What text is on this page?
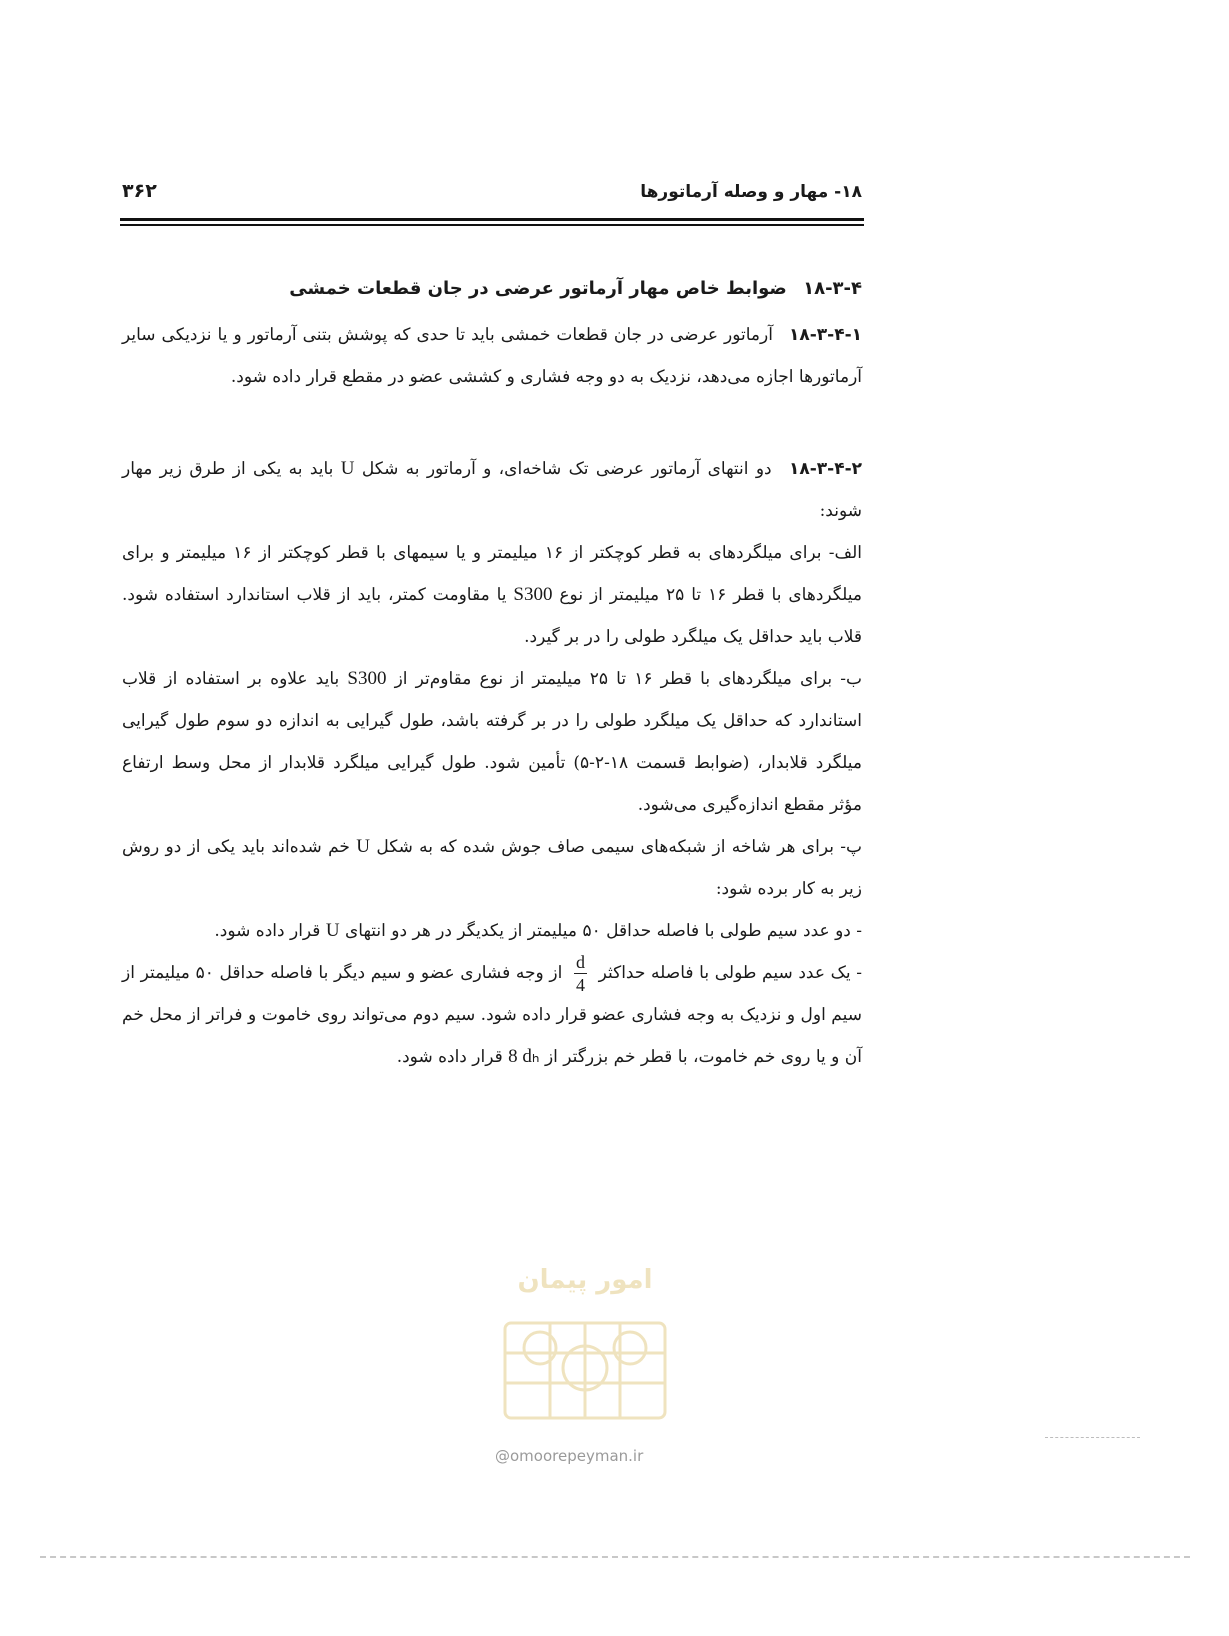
۱۸- مهار و وصله آرماتورها
۳۶۲

۱۸-۳-۴ ضوابط خاص مهار آرماتور عرضی در جان قطعات خمشی

۱۸-۳-۴-۱ آرماتور عرضی در جان قطعات خمشی باید تا حدی که پوشش بتنی آرماتور و یا نزدیکی سایر آرماتورها اجازه می‌دهد، نزدیک به دو وجه فشاری و کششی عضو در مقطع قرار داده شود.

۱۸-۳-۴-۲ دو انتهای آرماتور عرضی تک شاخه‌ای، و آرماتور به شکل U باید به یکی از طرق زیر مهار شوند:

الف- برای میلگردهای به قطر کوچکتر از ۱۶ میلیمتر و یا سیمهای با قطر کوچکتر از ۱۶ میلیمتر و برای میلگردهای با قطر ۱۶ تا ۲۵ میلیمتر از نوع S300 یا مقاومت کمتر، باید از قلاب استاندارد استفاده شود. قلاب باید حداقل یک میلگرد طولی را در بر گیرد.

ب- برای میلگردهای با قطر ۱۶ تا ۲۵ میلیمتر از نوع مقاوم‌تر از S300 باید علاوه بر استفاده از قلاب استاندارد که حداقل یک میلگرد طولی را در بر گرفته باشد، طول گیرایی به اندازه دو سوم طول گیرایی میلگرد قلابدار، (ضوابط قسمت ۱۸-۲-۵) تأمین شود. طول گیرایی میلگرد قلابدار از محل وسط ارتفاع مؤثر مقطع اندازه‌گیری می‌شود.

پ- برای هر شاخه از شبکه‌های سیمی صاف جوش شده که به شکل U خم شده‌اند باید یکی از دو روش زیر به کار برده شود:

- دو عدد سیم طولی با فاصله حداقل ۵۰ میلیمتر از یکدیگر در هر دو انتهای U قرار داده شود.

- یک عدد سیم طولی با فاصله حداکثر
$\frac{d}{4}$
از وجه فشاری عضو و سیم دیگر با فاصله حداقل ۵۰ میلیمتر از سیم اول و نزدیک به وجه فشاری عضو قرار داده شود. سیم دوم می‌تواند روی خاموت و فراتر از محل خم آن و یا روی خم خاموت، با قطر خم بزرگتر از 8 dₕ قرار داده شود.

امور پیمان
@omoorepeyman.ir
